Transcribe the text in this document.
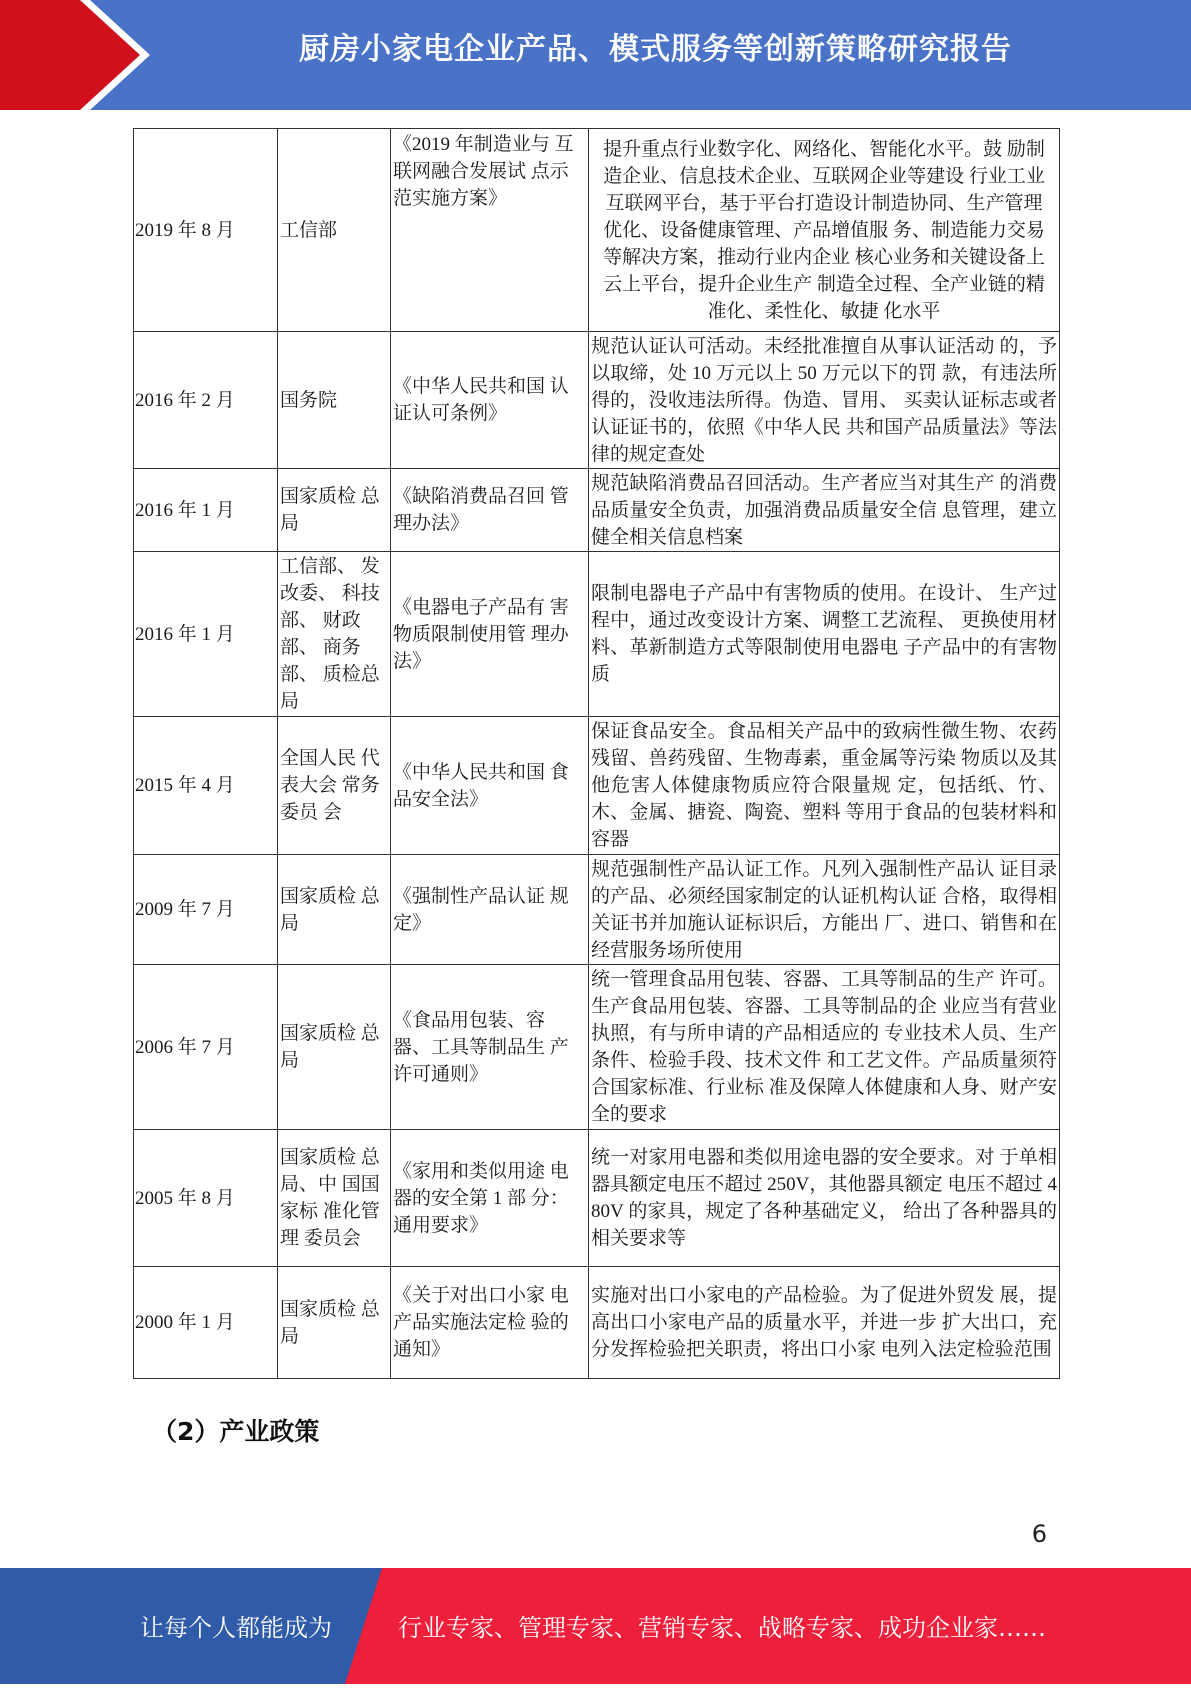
厨房小家电企业产品、模式服务等创新策略研究报告
2019 年 8 月	工信部	《2019 年制造业与 互联网融合发展试 点示范实施方案》	提升重点行业数字化、网络化、智能化水平。鼓 励制造企业、信息技术企业、互联网企业等建设 行业工业互联网平台，基于平台打造设计制造协同、生产管理优化、设备健康管理、产品增值服 务、制造能力交易等解决方案，推动行业内企业 核心业务和关键设备上云上平台，提升企业生产 制造全过程、全产业链的精准化、柔性化、敏捷 化水平
2016 年 2 月	国务院	《中华人民共和国 认证认可条例》	规范认证认可活动。未经批准擅自从事认证活动 的，予以取缔，处 10 万元以上 50 万元以下的罚 款，有违法所得的，没收违法所得。伪造、冒用、 买卖认证标志或者认证证书的，依照《中华人民 共和国产品质量法》等法律的规定查处
2016 年 1 月	国家质检 总局	《缺陷消费品召回 管理办法》	规范缺陷消费品召回活动。生产者应当对其生产 的消费品质量安全负责，加强消费品质量安全信 息管理，建立健全相关信息档案
2016 年 1 月	工信部、 发改委、 科技部、 财政部、 商务部、 质检总局	《电器电子产品有 害物质限制使用管 理办法》	限制电器电子产品中有害物质的使用。在设计、 生产过程中，通过改变设计方案、调整工艺流程、 更换使用材料、革新制造方式等限制使用电器电 子产品中的有害物质
2015 年 4 月	全国人民 代表大会 常务委员 会	《中华人民共和国 食品安全法》	保证食品安全。食品相关产品中的致病性微生物、农药残留、兽药残留、生物毒素，重金属等污染 物质以及其他危害人体健康物质应符合限量规 定，包括纸、竹、木、金属、搪瓷、陶瓷、塑料 等用于食品的包装材料和容器
2009 年 7 月	国家质检 总局	《强制性产品认证 规定》	规范强制性产品认证工作。凡列入强制性产品认 证目录的产品、必须经国家制定的认证机构认证 合格，取得相关证书并加施认证标识后，方能出 厂、进口、销售和在经营服务场所使用
2006 年 7 月	国家质检 总局	《食品用包装、容 器、工具等制品生 产许可通则》	统一管理食品用包装、容器、工具等制品的生产 许可。生产食品用包装、容器、工具等制品的企 业应当有营业执照，有与所申请的产品相适应的 专业技术人员、生产条件、检验手段、技术文件 和工艺文件。产品质量须符合国家标准、行业标 准及保障人体健康和人身、财产安全的要求
2005 年 8 月	国家质检 总局、中 国国家标 准化管理 委员会	《家用和类似用途 电器的安全第 1 部 分：通用要求》	统一对家用电器和类似用途电器的安全要求。对 于单相器具额定电压不超过 250V，其他器具额定 电压不超过 480V 的家具，规定了各种基础定义， 给出了各种器具的相关要求等
2000 年 1 月	国家质检 总局	《关于对出口小家 电产品实施法定检 验的通知》	实施对出口小家电的产品检验。为了促进外贸发 展，提高出口小家电产品的质量水平，并进一步 扩大出口，充分发挥检验把关职责，将出口小家 电列入法定检验范围
（2）产业政策
6
让每个人都能成为	行业专家、管理专家、营销专家、战略专家、成功企业家……
